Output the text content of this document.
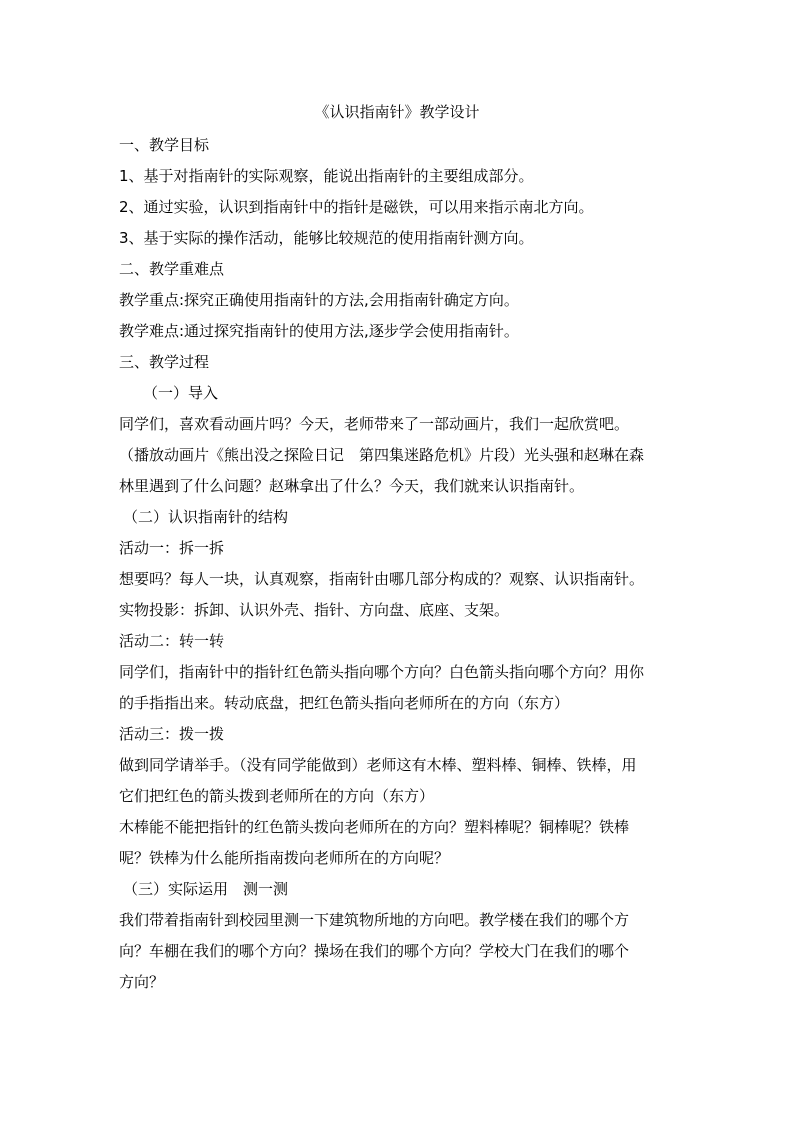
《认识指南针》教学设计
一、教学目标
1、基于对指南针的实际观察，能说出指南针的主要组成部分。
2、通过实验，认识到指南针中的指针是磁铁，可以用来指示南北方向。
3、基于实际的操作活动，能够比较规范的使用指南针测方向。
二、教学重难点
教学重点:探究正确使用指南针的方法,会用指南针确定方向。
教学难点:通过探究指南针的使用方法,逐步学会使用指南针。
三、教学过程
（一）导入
同学们，喜欢看动画片吗？今天，老师带来了一部动画片，我们一起欣赏吧。
（播放动画片《熊出没之探险日记　第四集迷路危机》片段）光头强和赵琳在森
林里遇到了什么问题？赵琳拿出了什么？今天，我们就来认识指南针。
（二）认识指南针的结构
活动一：拆一拆
想要吗？每人一块，认真观察，指南针由哪几部分构成的？观察、认识指南针。
实物投影：拆卸、认识外壳、指针、方向盘、底座、支架。
活动二：转一转
同学们，指南针中的指针红色箭头指向哪个方向？白色箭头指向哪个方向？用你
的手指指出来。转动底盘，把红色箭头指向老师所在的方向（东方）
活动三：拨一拨
做到同学请举手。（没有同学能做到）老师这有木棒、塑料棒、铜棒、铁棒，用
它们把红色的箭头拨到老师所在的方向（东方）
木棒能不能把指针的红色箭头拨向老师所在的方向？塑料棒呢？铜棒呢？铁棒
呢？铁棒为什么能所指南拨向老师所在的方向呢？
（三）实际运用　测一测
我们带着指南针到校园里测一下建筑物所地的方向吧。教学楼在我们的哪个方
向？车棚在我们的哪个方向？操场在我们的哪个方向？学校大门在我们的哪个
方向？
